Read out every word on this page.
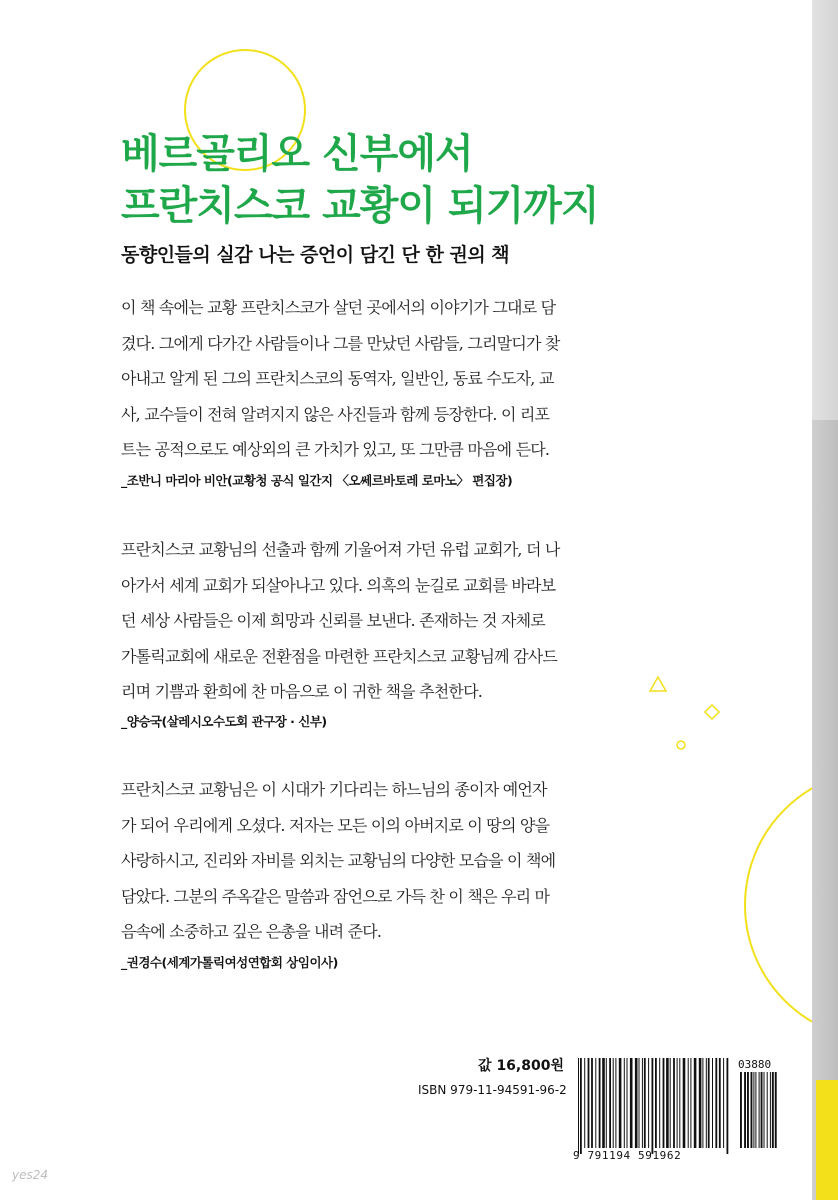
베르골리오 신부에서
프란치스코 교황이 되기까지
동향인들의 실감 나는 증언이 담긴 단 한 권의 책

이 책 속에는 교황 프란치스코가 살던 곳에서의 이야기가 그대로 담
겼다. 그에게 다가간 사람들이나 그를 만났던 사람들, 그리말디가 찾
아내고 알게 된 그의 프란치스코의 동역자, 일반인, 동료 수도자, 교
사, 교수들이 전혀 알려지지 않은 사진들과 함께 등장한다. 이 리포
트는 공적으로도 예상외의 큰 가치가 있고, 또 그만큼 마음에 든다.

_조반니 마리아 비안(교황청 공식 일간지 〈오쎄르바토레 로마노〉 편집장)

프란치스코 교황님의 선출과 함께 기울어져 가던 유럽 교회가, 더 나
아가서 세계 교회가 되살아나고 있다. 의혹의 눈길로 교회를 바라보
던 세상 사람들은 이제 희망과 신뢰를 보낸다. 존재하는 것 자체로
가톨릭교회에 새로운 전환점을 마련한 프란치스코 교황님께 감사드
리며 기쁨과 환희에 찬 마음으로 이 귀한 책을 추천한다.

_양승국(살레시오수도회 관구장 · 신부)

프란치스코 교황님은 이 시대가 기다리는 하느님의 종이자 예언자
가 되어 우리에게 오셨다. 저자는 모든 이의 아버지로 이 땅의 양을
사랑하시고, 진리와 자비를 외치는 교황님의 다양한 모습을 이 책에
담았다. 그분의 주옥같은 말씀과 잠언으로 가득 찬 이 책은 우리 마
음속에 소중하고 깊은 은총을 내려 준다.

_권경수(세계가톨릭여성연합회 상임이사)

값 16,800원
ISBN 979-11-94591-96-2
03880
9 791194 591962
yes24
